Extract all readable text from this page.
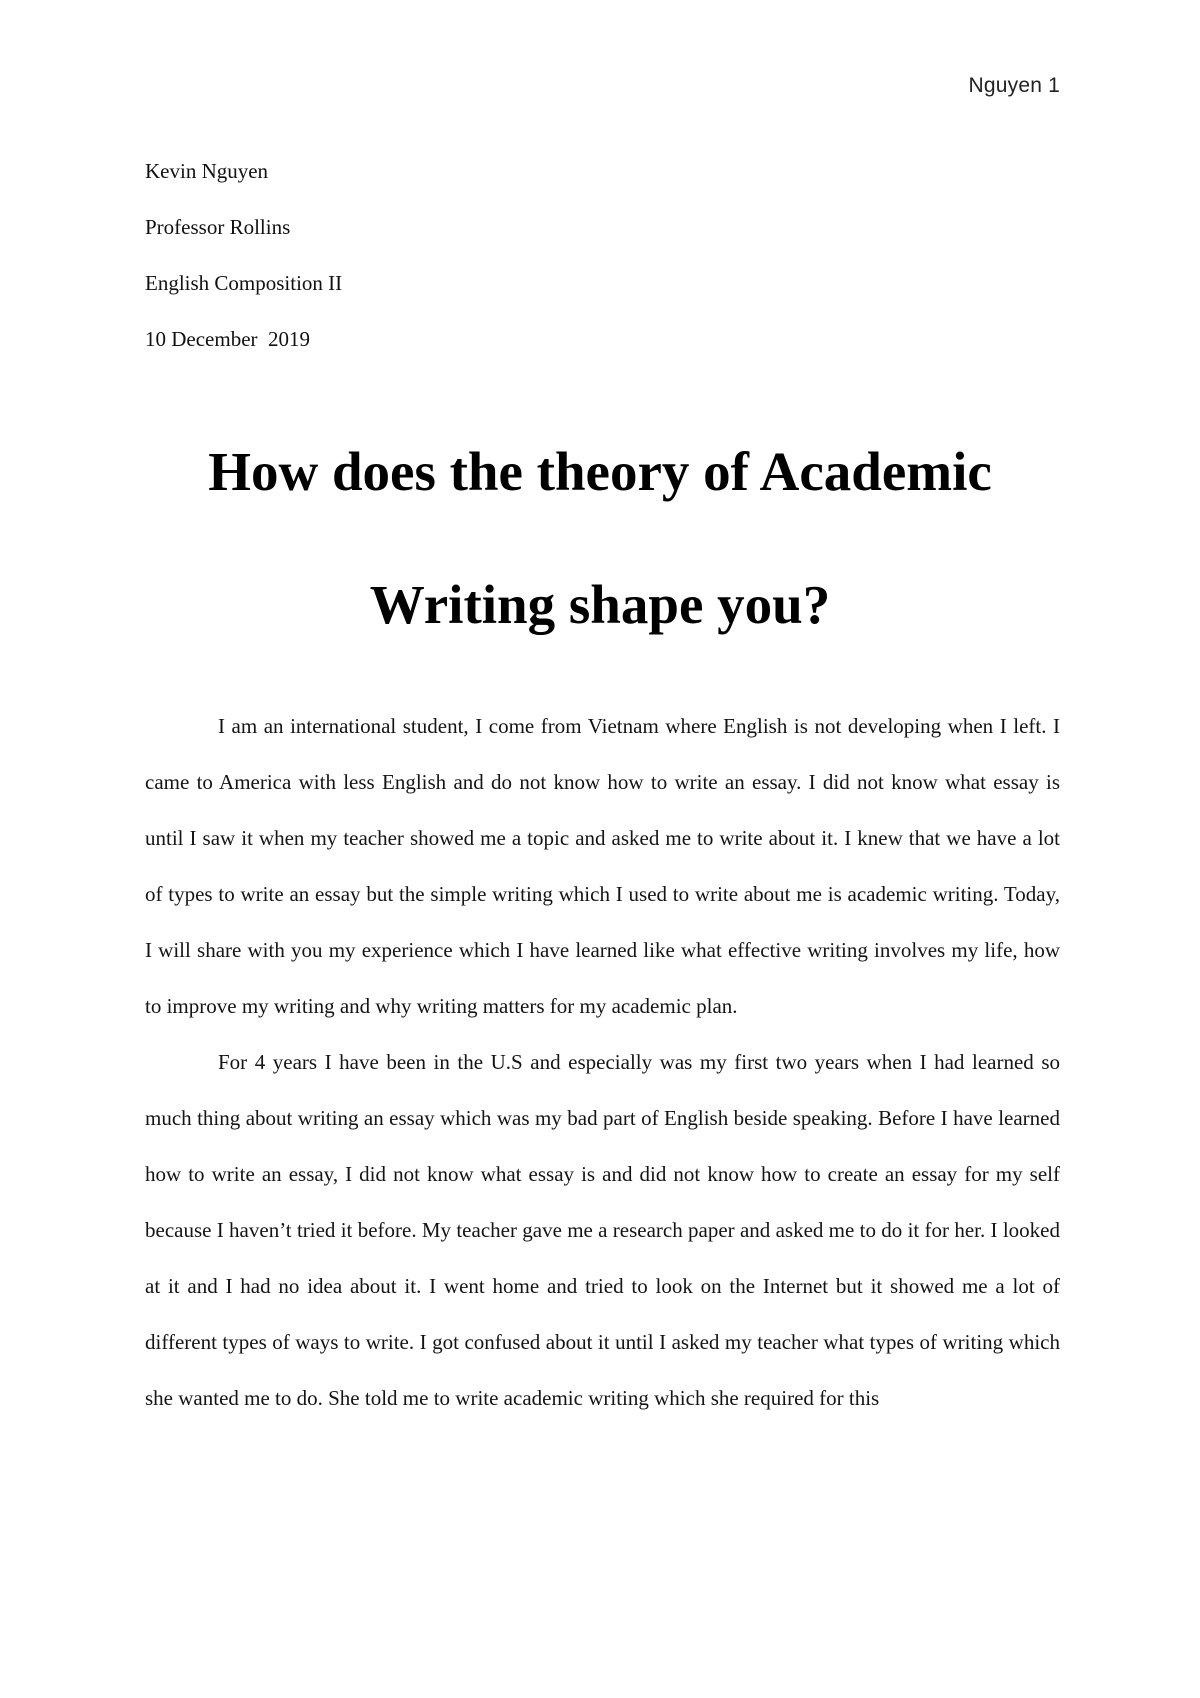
Nguyen 1
Kevin Nguyen
Professor Rollins
English Composition II
10 December  2019
How does the theory of Academic Writing shape you?

I am an international student, I come from Vietnam where English is not developing when I left. I came to America with less English and do not know how to write an essay. I did not know what essay is until I saw it when my teacher showed me a topic and asked me to write about it. I knew that we have a lot of types to write an essay but the simple writing which I used to write about me is academic writing. Today, I will share with you my experience which I have learned like what effective writing involves my life, how to improve my writing and why writing matters for my academic plan.

For 4 years I have been in the U.S and especially was my first two years when I had learned so much thing about writing an essay which was my bad part of English beside speaking. Before I have learned how to write an essay, I did not know what essay is and did not know how to create an essay for my self because I haven’t tried it before. My teacher gave me a research paper and asked me to do it for her. I looked at it and I had no idea about it. I went home and tried to look on the Internet but it showed me a lot of different types of ways to write. I got confused about it until I asked my teacher what types of writing which she wanted me to do. She told me to write academic writing which she required for this
